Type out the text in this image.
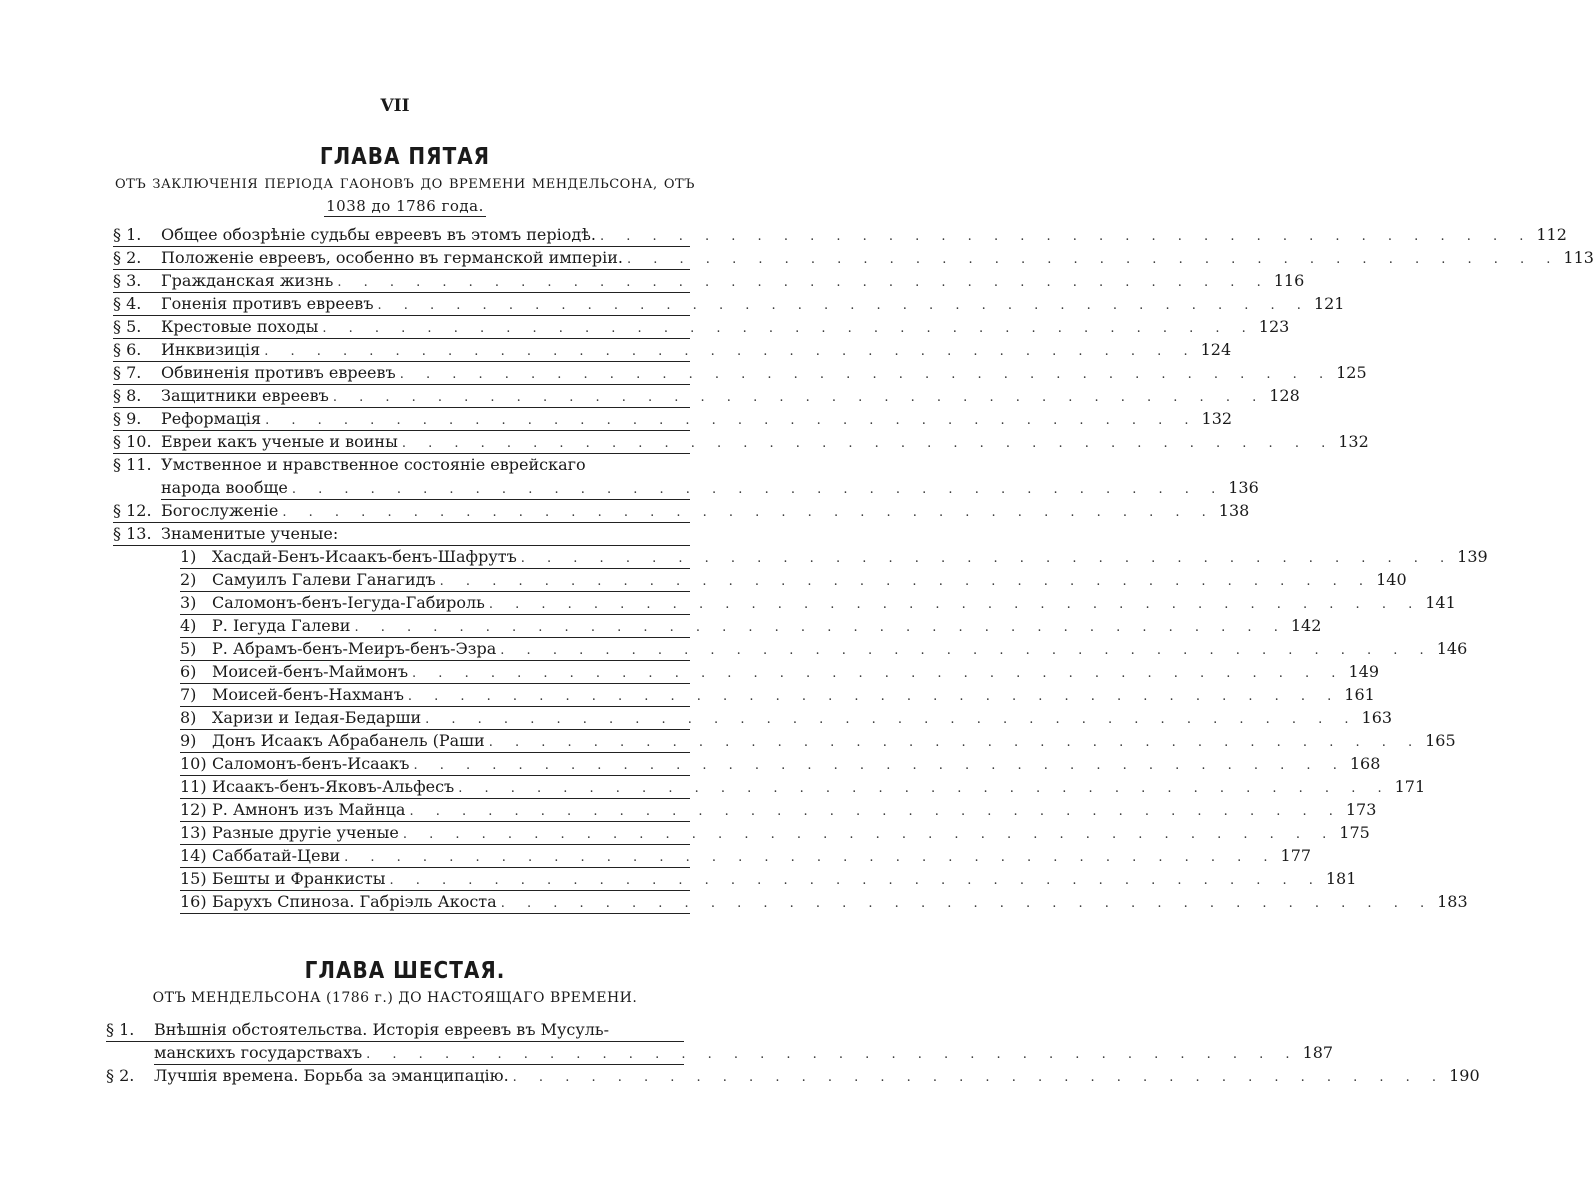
VII
ГЛАВА ПЯТАЯ
ОТЪ ЗАКЛЮЧЕНІЯ ПЕРІОДА ГАОНОВЪ ДО ВРЕМЕНИ МЕНДЕЛЬСОНА, ОТЪ
1038 до 1786 года.
§ 1.	Общее обозрѣніе судьбы евреевъ въ этомъ періодѣ. . . . . . . . . . . . . . . . . . . . . . . . . . . . . . . . . . . . . 112
§ 2.	Положеніе евреевъ, особенно въ германской имперіи. . . . . . . . . . . . . . . . . . . . . . . . . . . . . . . . . . . . . 113
§ 3.	Гражданская жизнь . . . . . . . . . . . . . . . . . . . . . . . . . . . . . . . . . . . . 116
§ 4.	Гоненія противъ евреевъ . . . . . . . . . . . . . . . . . . . . . . . . . . . . . . . . . . . . 121
§ 5.	Крестовые походы . . . . . . . . . . . . . . . . . . . . . . . . . . . . . . . . . . . . 123
§ 6.	Инквизиція . . . . . . . . . . . . . . . . . . . . . . . . . . . . . . . . . . . . 124
§ 7.	Обвиненія противъ евреевъ . . . . . . . . . . . . . . . . . . . . . . . . . . . . . . . . . . . . 125
§ 8.	Защитники евреевъ . . . . . . . . . . . . . . . . . . . . . . . . . . . . . . . . . . . . 128
§ 9.	Реформація . . . . . . . . . . . . . . . . . . . . . . . . . . . . . . . . . . . . 132
§ 10. Евреи какъ ученые и воины . . . . . . . . . . . . . . . . . . . . . . . . . . . . . . . . . . . . 132
§ 11. Умственное и нравственное состояніе еврейскаго
народа вообще . . . . . . . . . . . . . . . . . . . . . . . . . . . . . . . . . . . . 136
§ 12. Богослуженіе . . . . . . . . . . . . . . . . . . . . . . . . . . . . . . . . . . . . 138
§ 13. Знаменитые ученые:
1) Хасдай-Бенъ-Исаакъ-бенъ-Шафрутъ . . . . . . . . . . . . . . . . . . . . . . . . . . . . . . . . . . . . 139
2) Самуилъ Галеви Ганагидъ . . . . . . . . . . . . . . . . . . . . . . . . . . . . . . . . . . . . 140
3) Саломонъ-бенъ-Іегуда-Габироль . . . . . . . . . . . . . . . . . . . . . . . . . . . . . . . . . . . . 141
4) Р. Іегуда Галеви . . . . . . . . . . . . . . . . . . . . . . . . . . . . . . . . . . . . 142
5) Р. Абрамъ-бенъ-Меиръ-бенъ-Эзра . . . . . . . . . . . . . . . . . . . . . . . . . . . . . . . . . . . . 146
6) Моисей-бенъ-Маймонъ . . . . . . . . . . . . . . . . . . . . . . . . . . . . . . . . . . . . 149
7) Моисей-бенъ-Нахманъ . . . . . . . . . . . . . . . . . . . . . . . . . . . . . . . . . . . . 161
8) Харизи и Іедая-Бедарши . . . . . . . . . . . . . . . . . . . . . . . . . . . . . . . . . . . . 163
9) Донъ Исаакъ Абрабанель (Раши . . . . . . . . . . . . . . . . . . . . . . . . . . . . . . . . . . . . 165
10) Саломонъ-бенъ-Исаакъ . . . . . . . . . . . . . . . . . . . . . . . . . . . . . . . . . . . . 168
11) Исаакъ-бенъ-Яковъ-Альфесъ . . . . . . . . . . . . . . . . . . . . . . . . . . . . . . . . . . . . 171
12) Р. Амнонъ изъ Майнца . . . . . . . . . . . . . . . . . . . . . . . . . . . . . . . . . . . . 173
13) Разные другіе ученые . . . . . . . . . . . . . . . . . . . . . . . . . . . . . . . . . . . . 175
14) Саббатай-Цеви . . . . . . . . . . . . . . . . . . . . . . . . . . . . . . . . . . . . 177
15) Бешты и Франкисты . . . . . . . . . . . . . . . . . . . . . . . . . . . . . . . . . . . . 181
16) Барухъ Спиноза. Габріэль Акоста . . . . . . . . . . . . . . . . . . . . . . . . . . . . . . . . . . . . 183
ГЛАВА ШЕСТАЯ.
ОТЪ МЕНДЕЛЬСОНА (1786 г.) ДО НАСТОЯЩАГО ВРЕМЕНИ.
§ 1.	Внѣшнія обстоятельства. Исторія евреевъ въ Мусуль-
манскихъ государствахъ . . . . . . . . . . . . . . . . . . . . . . . . . . . . . . . . . . . . 187
§ 2.	Лучшія времена. Борьба за эманципацію. . . . . . . . . . . . . . . . . . . . . . . . . . . . . . . . . . . . . 190
